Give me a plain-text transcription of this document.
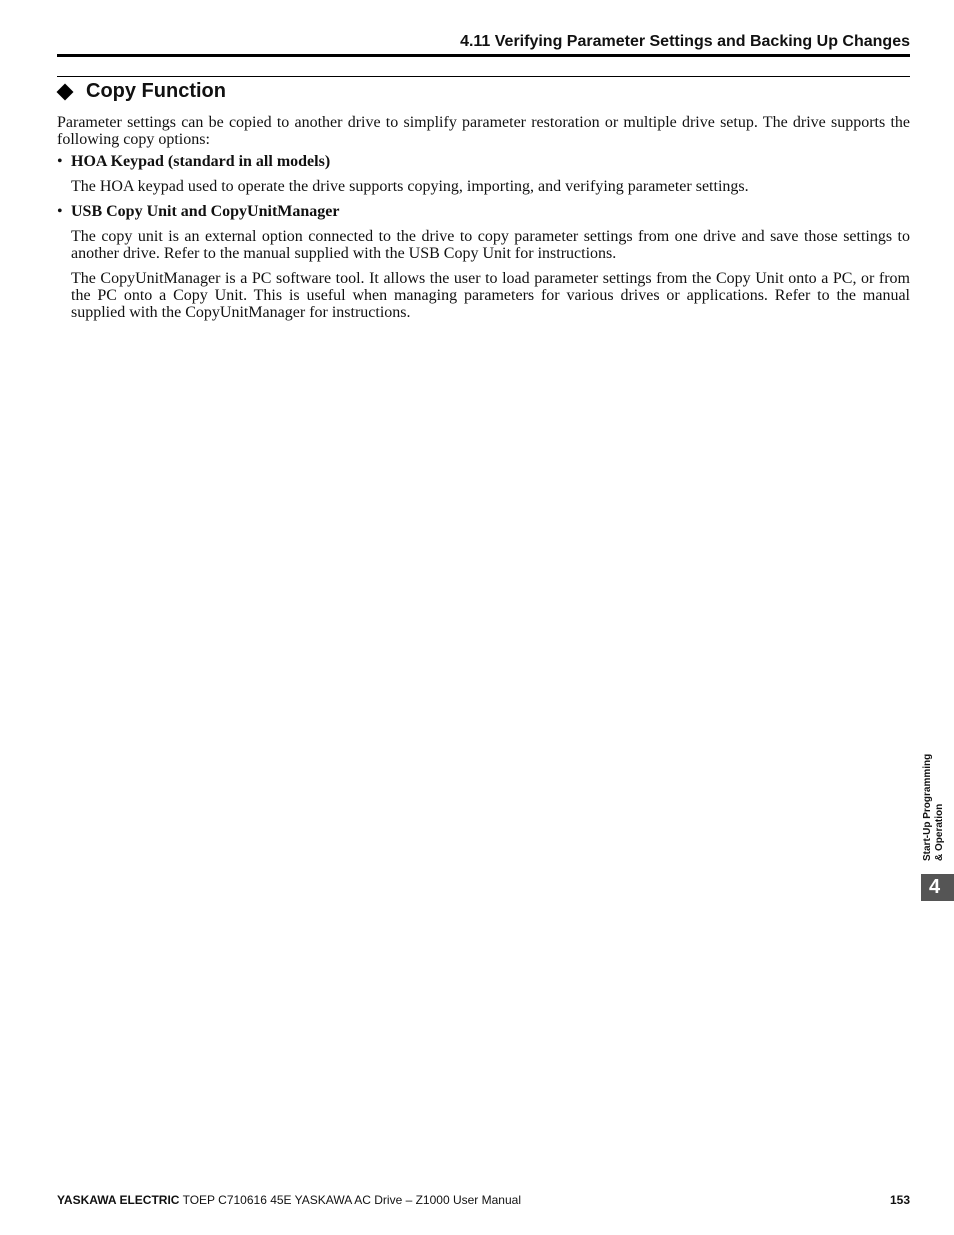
4.11 Verifying Parameter Settings and Backing Up Changes
Copy Function

Parameter settings can be copied to another drive to simplify parameter restoration or multiple drive setup. The drive supports the following copy options:

• HOA Keypad (standard in all models)

The HOA keypad used to operate the drive supports copying, importing, and verifying parameter settings.

• USB Copy Unit and CopyUnitManager

The copy unit is an external option connected to the drive to copy parameter settings from one drive and save those settings to another drive. Refer to the manual supplied with the USB Copy Unit for instructions.

The CopyUnitManager is a PC software tool. It allows the user to load parameter settings from the Copy Unit onto a PC, or from the PC onto a Copy Unit. This is useful when managing parameters for various drives or applications. Refer to the manual supplied with the CopyUnitManager for instructions.

Start-Up Programming & Operation
4
YASKAWA ELECTRIC TOEP C710616 45E YASKAWA AC Drive – Z1000 User Manual	153
